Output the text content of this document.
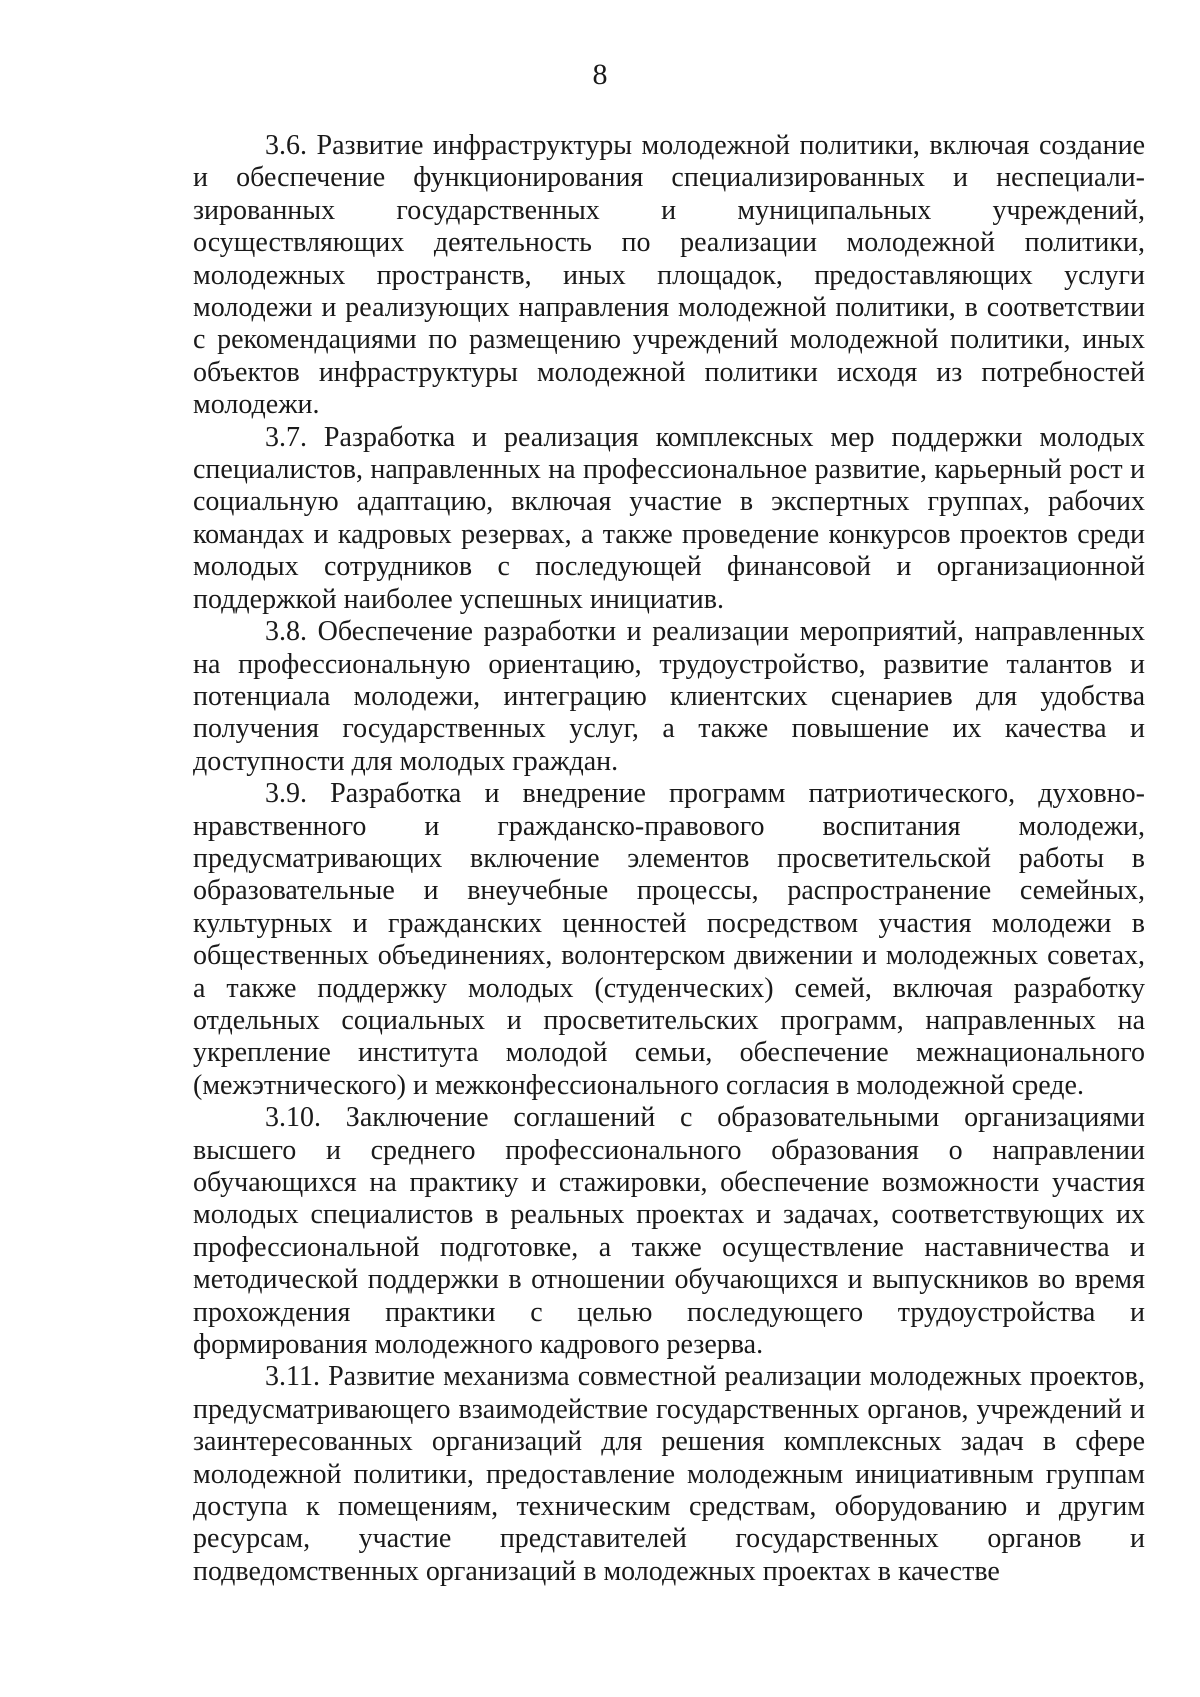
8

3.6. Развитие инфраструктуры молодежной политики, включая создание и обеспечение функционирования специализированных и неспециализированных государственных и муниципальных учреждений, осуществляющих деятельность по реализации молодежной политики, молодежных пространств, иных площадок, предоставляющих услуги молодежи и реализующих направления молодежной политики, в соответствии с рекомендациями по размещению учреждений молодежной политики, иных объектов инфраструктуры молодежной политики исходя из потребностей молодежи.

3.7. Разработка и реализация комплексных мер поддержки молодых специалистов, направленных на профессиональное развитие, карьерный рост и социальную адаптацию, включая участие в экспертных группах, рабочих командах и кадровых резервах, а также проведение конкурсов проектов среди молодых сотрудников с последующей финансовой и организационной поддержкой наиболее успешных инициатив.

3.8. Обеспечение разработки и реализации мероприятий, направленных на профессиональную ориентацию, трудоустройство, развитие талантов и потенциала молодежи, интеграцию клиентских сценариев для удобства получения государственных услуг, а также повышение их качества и доступности для молодых граждан.

3.9. Разработка и внедрение программ патриотического, духовно-нравственного и гражданско-правового воспитания молодежи, предусматривающих включение элементов просветительской работы в образовательные и внеучебные процессы, распространение семейных, культурных и гражданских ценностей посредством участия молодежи в общественных объединениях, волонтерском движении и молодежных советах, а также поддержку молодых (студенческих) семей, включая разработку отдельных социальных и просветительских программ, направленных на укрепление института молодой семьи, обеспечение межнационального (межэтнического) и межконфессионального согласия в молодежной среде.

3.10. Заключение соглашений с образовательными организациями высшего и среднего профессионального образования о направлении обучающихся на практику и стажировки, обеспечение возможности участия молодых специалистов в реальных проектах и задачах, соответствующих их профессиональной подготовке, а также осуществление наставничества и методической поддержки в отношении обучающихся и выпускников во время прохождения практики с целью последующего трудоустройства и формирования молодежного кадрового резерва.

3.11. Развитие механизма совместной реализации молодежных проектов, предусматривающего взаимодействие государственных органов, учреждений и заинтересованных организаций для решения комплексных задач в сфере молодежной политики, предоставление молодежным инициативным группам доступа к помещениям, техническим средствам, оборудованию и другим ресурсам, участие представителей государственных органов и подведомственных организаций в молодежных проектах в качестве
